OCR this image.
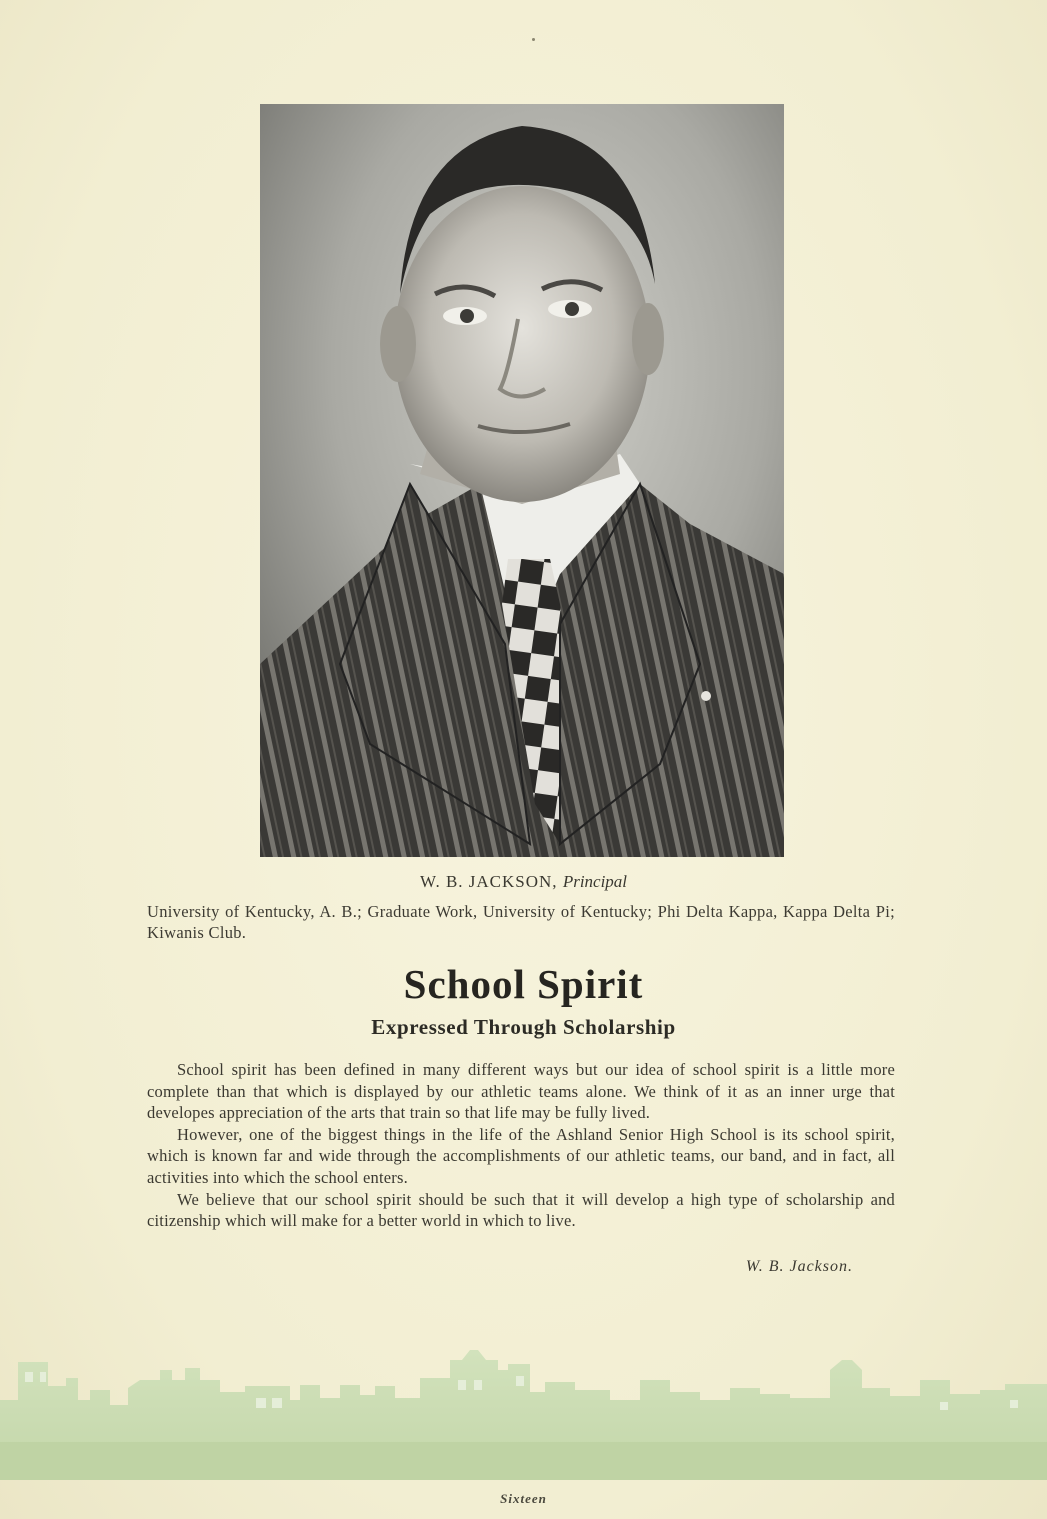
W. B. JACKSON, Principal
University of Kentucky, A. B.; Graduate Work, University of Kentucky; Phi Delta Kappa, Kappa Delta Pi; Kiwanis Club.
School Spirit
Expressed Through Scholarship

School spirit has been defined in many different ways but our idea of school spirit is a little more complete than that which is displayed by our athletic teams alone. We think of it as an inner urge that developes appreciation of the arts that train so that life may be fully lived.

However, one of the biggest things in the life of the Ashland Senior High School is its school spirit, which is known far and wide through the accomplishments of our athletic teams, our band, and in fact, all activities into which the school enters.

We believe that our school spirit should be such that it will develop a high type of scholarship and citizenship which will make for a better world in which to live.

W. B. Jackson.
Sixteen
